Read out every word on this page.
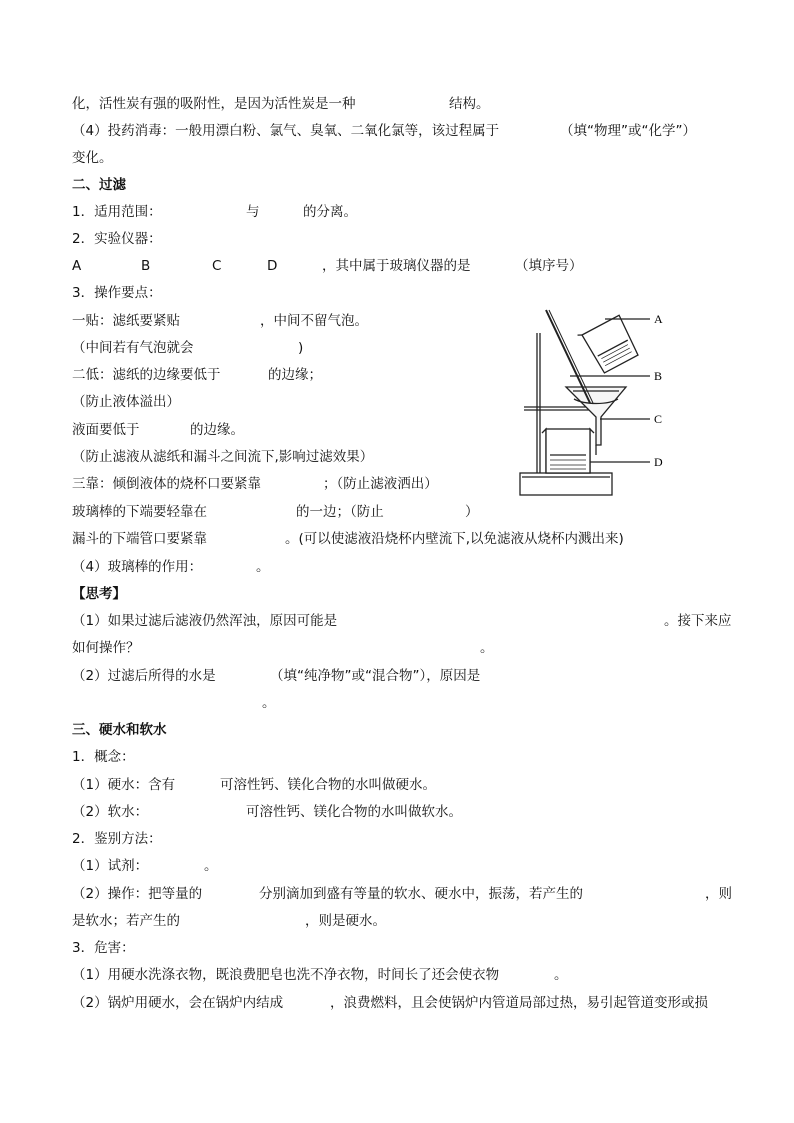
化，活性炭有强的吸附性，是因为活性炭是一种	结构。
（4）投药消毒：一般用漂白粉、氯气、臭氧、二氧化氯等，该过程属于	（填“物理”或“化学”）
变化。
二、过滤
1．适用范围：	与	的分离。
2．实验仪器：
A	B	C	D	，其中属于玻璃仪器的是	（填序号）
3．操作要点：
一贴：滤纸要紧贴	，中间不留气泡。
（中间若有气泡就会	)
二低：滤纸的边缘要低于	的边缘；
（防止液体溢出）
液面要低于	的边缘。
（防止滤液从滤纸和漏斗之间流下,影响过滤效果）
三靠：倾倒液体的烧杯口要紧靠	；（防止滤液洒出）
玻璃棒的下端要轻靠在	的一边；（防止	）
漏斗的下端管口要紧靠	。(可以使滤液沿烧杯内壁流下,以免滤液从烧杯内溅出来)
（4）玻璃棒的作用：	。
【思考】
（1）如果过滤后滤液仍然浑浊，原因可能是	。接下来应
如何操作？	。
（2）过滤后所得的水是	（填“纯净物”或“混合物”），原因是
。
三、硬水和软水
1．概念：
（1）硬水：含有	可溶性钙、镁化合物的水叫做硬水。
（2）软水：	可溶性钙、镁化合物的水叫做软水。
2．鉴别方法：
（1）试剂：	。
（2）操作：把等量的	分别滴加到盛有等量的软水、硬水中，振荡，若产生的	，则
是软水；若产生的	，则是硬水。
3．危害：
（1）用硬水洗涤衣物，既浪费肥皂也洗不净衣物，时间长了还会使衣物	。
（2）锅炉用硬水，会在锅炉内结成	，浪费燃料，且会使锅炉内管道局部过热，易引起管道变形或损
A
B
C
D
